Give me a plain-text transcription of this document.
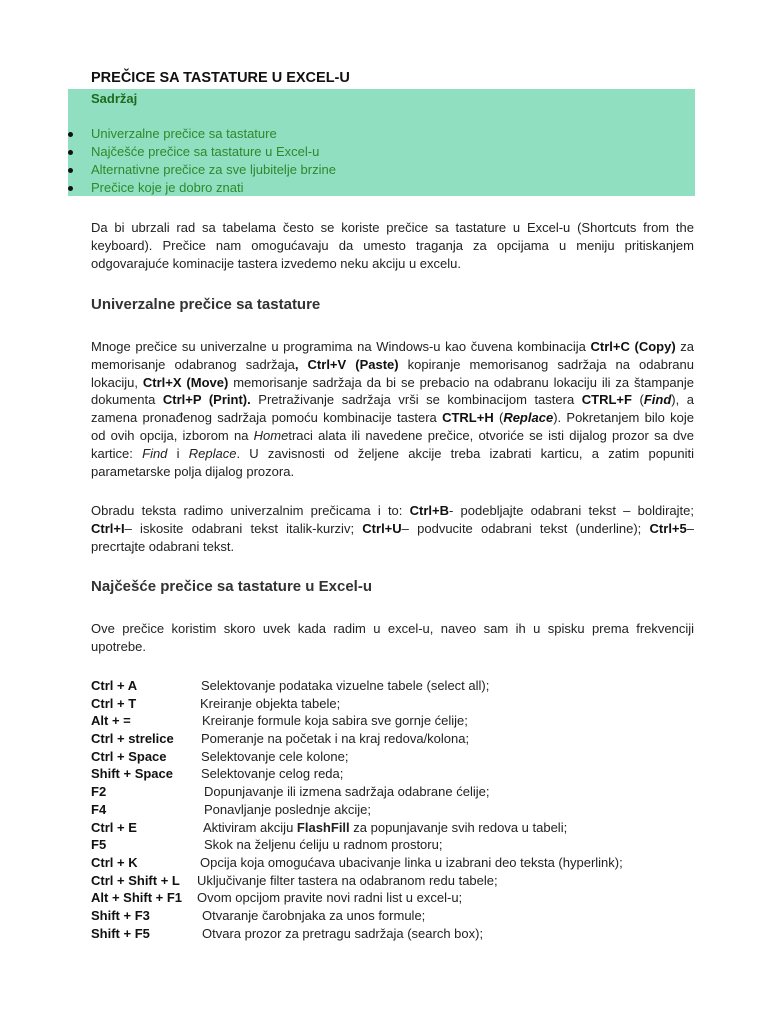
PREČICE SA TASTATURE U EXCEL-U
Sadržaj
Univerzalne prečice sa tastature
Najčešće prečice sa tastature u Excel-u
Alternativne prečice za sve ljubitelje brzine
Prečice koje je dobro znati

Da bi ubrzali rad sa tabelama često se koriste prečice sa tastature u Excel-u (Shortcuts from the keyboard). Prečice nam omogućavaju da umesto traganja za opcijama u meniju pritiskanjem odgovarajuće kominacije tastera izvedemo neku akciju u excelu.

Univerzalne prečice sa tastature

Mnoge prečice su univerzalne u programima na Windows-u kao čuvena kombinacija Ctrl+C (Copy) za memorisanje odabranog sadržaja, Ctrl+V (Paste) kopiranje memorisanog sadržaja na odabranu lokaciju, Ctrl+X (Move) memorisanje sadržaja da bi se prebacio na odabranu lokaciju ili za štampanje dokumenta Ctrl+P (Print). Pretraživanje sadržaja vrši se kombinacijom tastera CTRL+F (Find), a zamena pronađenog sadržaja pomoću kombinacije tastera CTRL+H (Replace). Pokretanjem bilo koje od ovih opcija, izborom na Hometraci alata ili navedene prečice, otvoriće se isti dijalog prozor sa dve kartice: Find i Replace. U zavisnosti od željene akcije treba izabrati karticu, a zatim popuniti parametarske polja dijalog prozora.

Obradu teksta radimo univerzalnim prečicama i to: Ctrl+B- podebljajte odabrani tekst – boldirajte; Ctrl+I– iskosite odabrani tekst italik-kurziv; Ctrl+U– podvucite odabrani tekst (underline); Ctrl+5– precrtajte odabrani tekst.

Najčešće prečice sa tastature u Excel-u

Ove prečice koristim skoro uvek kada radim u excel-u, naveo sam ih u spisku prema frekvenciji upotrebe.

Ctrl + A	Selektovanje podataka vizuelne tabele (select all);
Ctrl + T	Kreiranje objekta tabele;
Alt + =	Kreiranje formule koja sabira sve gornje ćelije;
Ctrl + strelice Pomeranje na početak i na kraj redova/kolona;
Ctrl + Space	Selektovanje cele kolone;
Shift + Space Selektovanje celog reda;
F2	Dopunjavanje ili izmena sadržaja odabrane ćelije;
F4	Ponavljanje poslednje akcije;
Ctrl + E	Aktiviram akciju FlashFill za popunjavanje svih redova u tabeli;
F5	Skok na željenu ćeliju u radnom prostoru;
Ctrl + K	Opcija koja omogućava ubacivanje linka u izabrani deo teksta (hyperlink);
Ctrl + Shift + L Uključivanje filter tastera na odabranom redu tabele;
Alt + Shift + F1 Ovom opcijom pravite novi radni list u excel-u;
Shift + F3	Otvaranje čarobnjaka za unos formule;
Shift + F5	Otvara prozor za pretragu sadržaja (search box);
